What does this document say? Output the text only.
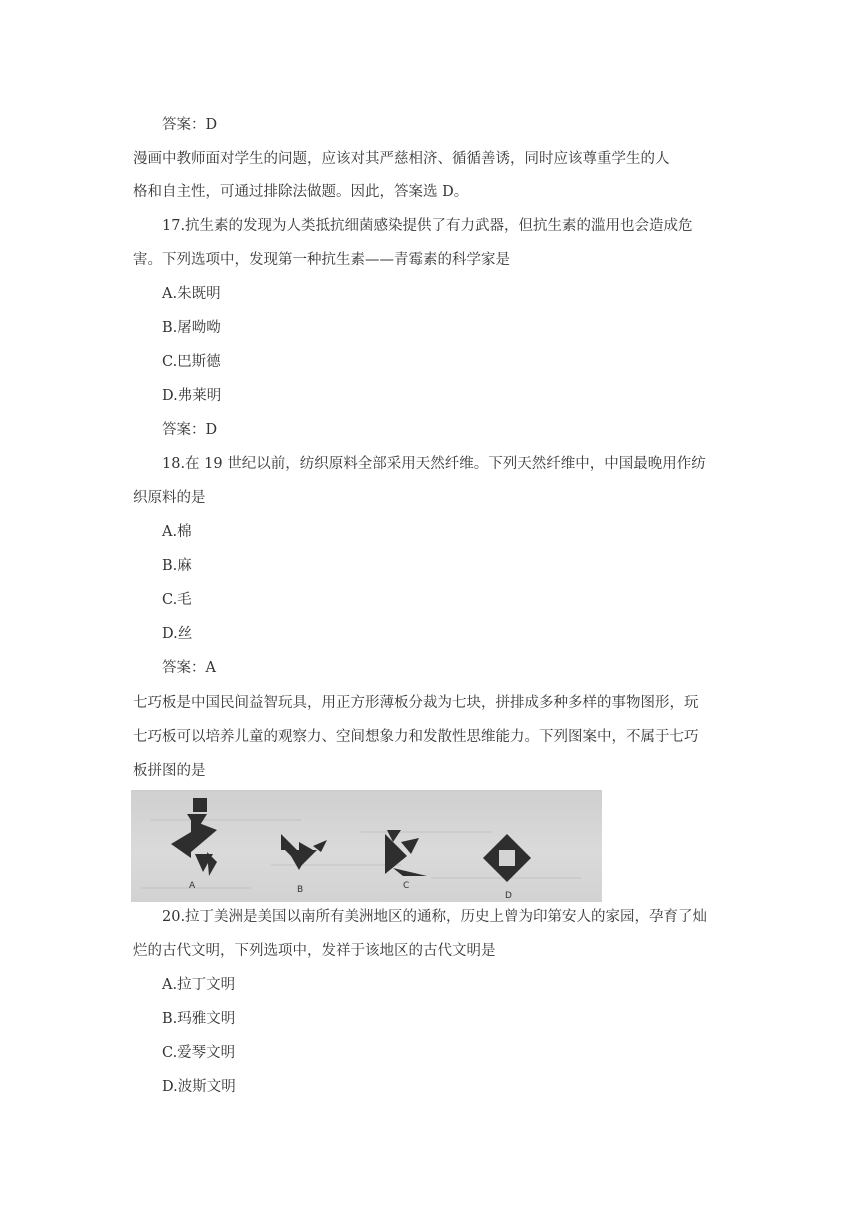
答案：D
漫画中教师面对学生的问题，应该对其严慈相济、循循善诱，同时应该尊重学生的人
格和自主性，可通过排除法做题。因此，答案选 D。
17.抗生素的发现为人类抵抗细菌感染提供了有力武器，但抗生素的滥用也会造成危
害。下列选项中，发现第一种抗生素——青霉素的科学家是
A.朱既明
B.屠呦呦
C.巴斯德
D.弗莱明
答案：D
18.在 19 世纪以前，纺织原料全部采用天然纤维。下列天然纤维中，中国最晚用作纺
织原料的是
A.棉
B.麻
C.毛
D.丝
答案：A
七巧板是中国民间益智玩具，用正方形薄板分裁为七块，拼排成多种多样的事物图形，玩
七巧板可以培养儿童的观察力、空间想象力和发散性思维能力。下列图案中，不属于七巧
板拼图的是
A	B	C
D
20.拉丁美洲是美国以南所有美洲地区的通称，历史上曾为印第安人的家园，孕育了灿
烂的古代文明，下列选项中，发祥于该地区的古代文明是
A.拉丁文明
B.玛雅文明
C.爱琴文明
D.波斯文明
